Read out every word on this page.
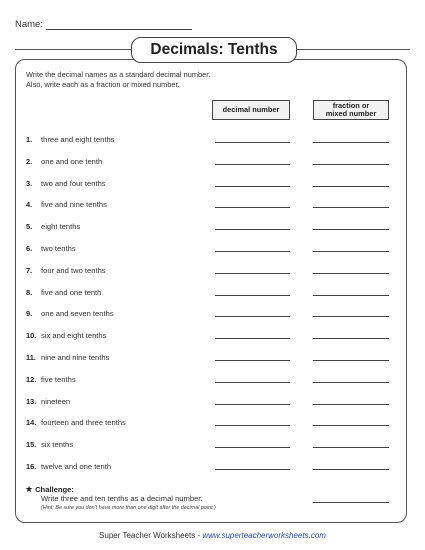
Name:
Decimals: Tenths
Write the decimal names as a standard decimal number.
Also, write each as a fraction or mixed number.
decimal number	fraction or
mixed number
1. three and eight tenths
2. one and one tenth
3. two and four tenths
4. five and nine tenths
5. eight tenths
6. two tenths
7. four and two tenths
8. five and one tenth
9. one and seven tenths
10. six and eight tenths
11. nine and nine tenths
12. five tenths
13. nineteen
14. fourteen and three tenths
15. six tenths
16. twelve and one tenth
★ Challenge:
Write three and ten tenths as a decimal number.
(Hint: Be sure you don't have more than one digit after the decimal point.)
Super Teacher Worksheets - www.superteacherworksheets.com
